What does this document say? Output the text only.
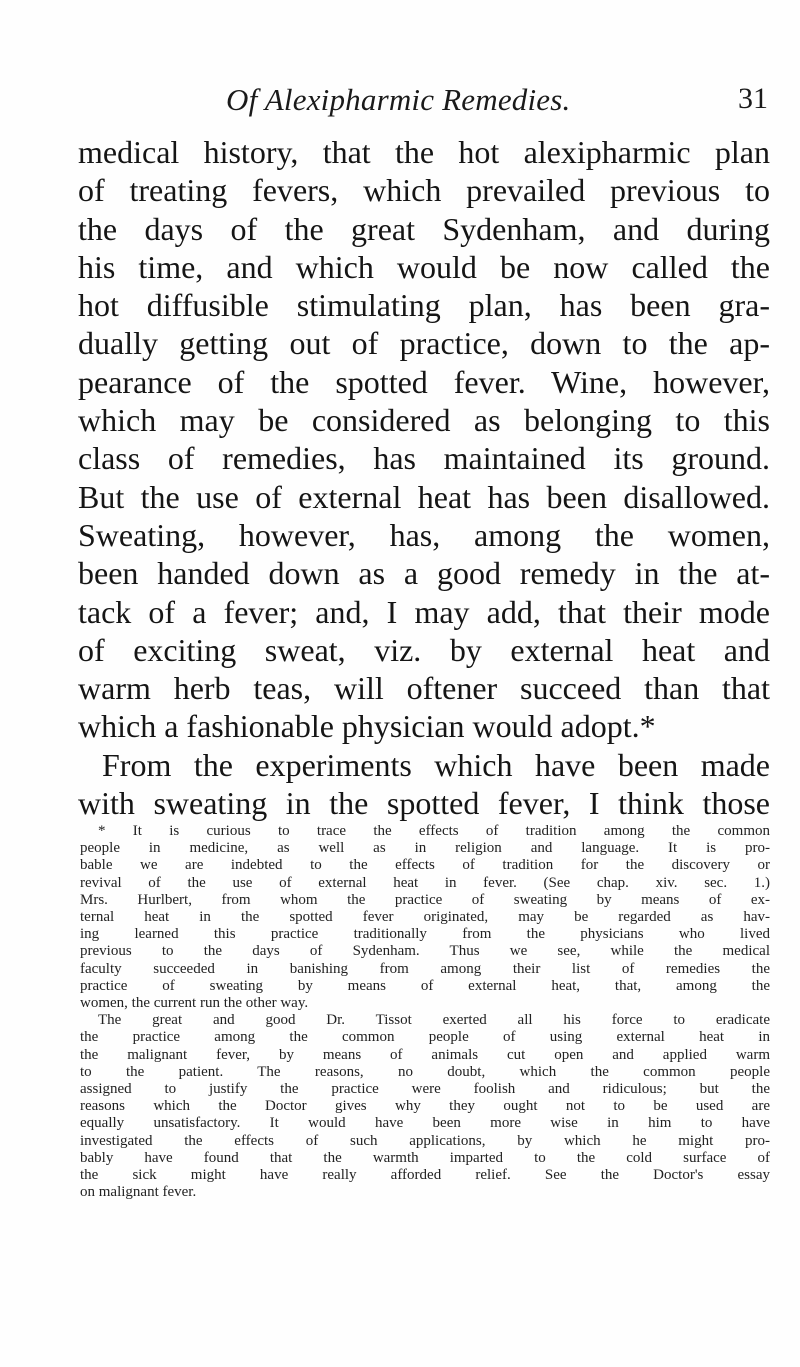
Of Alexipharmic Remedies.	31
medical history, that the hot alexipharmic plan
of treating fevers, which prevailed previous to
the days of the great Sydenham, and during
his time, and which would be now called the
hot diffusible stimulating plan, has been gra-
dually getting out of practice, down to the ap-
pearance of the spotted fever. Wine, however,
which may be considered as belonging to this
class of remedies, has maintained its ground.
But the use of external heat has been disallowed.
Sweating, however, has, among the women,
been handed down as a good remedy in the at-
tack of a fever; and, I may add, that their mode
of exciting sweat, viz. by external heat and
warm herb teas, will oftener succeed than that
which a fashionable physician would adopt.*
From the experiments which have been made
with sweating in the spotted fever, I think those
* It is curious to trace the effects of tradition among the common
people in medicine, as well as in religion and language. It is pro-
bable we are indebted to the effects of tradition for the discovery or
revival of the use of external heat in fever. (See chap. xiv. sec. 1.)
Mrs. Hurlbert, from whom the practice of sweating by means of ex-
ternal heat in the spotted fever originated, may be regarded as hav-
ing learned this practice traditionally from the physicians who lived
previous to the days of Sydenham. Thus we see, while the medical
faculty succeeded in banishing from among their list of remedies the
practice of sweating by means of external heat, that, among the
women, the current run the other way.
The great and good Dr. Tissot exerted all his force to eradicate
the practice among the common people of using external heat in
the malignant fever, by means of animals cut open and applied warm
to the patient. The reasons, no doubt, which the common people
assigned to justify the practice were foolish and ridiculous; but the
reasons which the Doctor gives why they ought not to be used are
equally unsatisfactory. It would have been more wise in him to have
investigated the effects of such applications, by which he might pro-
bably have found that the warmth imparted to the cold surface of
the sick might have really afforded relief. See the Doctor's essay
on malignant fever.
